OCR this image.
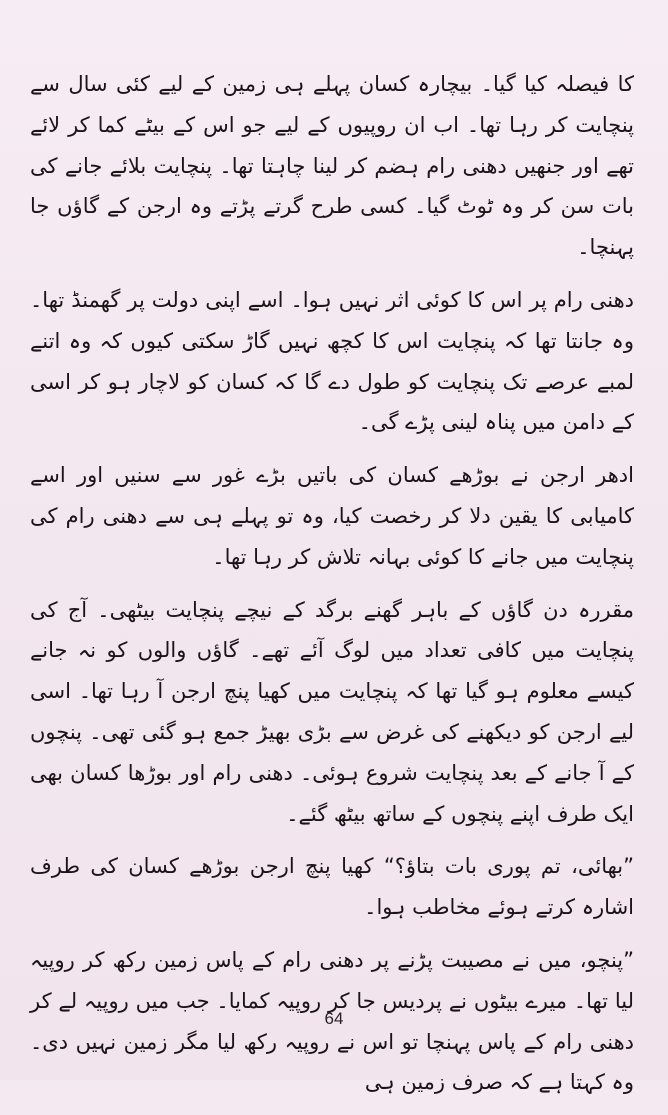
کا فیصلہ کیا گیا۔ بیچارہ کسان پہلے ہی زمین کے لیے کئی سال سے پنچایت کر رہا تھا۔ اب ان روپیوں کے لیے جو اس کے بیٹے کما کر لائے تھے اور جنھیں دھنی رام ہضم کر لینا چاہتا تھا۔ پنچایت بلائے جانے کی بات سن کر وہ ٹوٹ گیا۔ کسی طرح گرتے پڑتے وہ ارجن کے گاؤں جا پہنچا۔

دھنی رام پر اس کا کوئی اثر نہیں ہوا۔ اسے اپنی دولت پر گھمنڈ تھا۔ وہ جانتا تھا کہ پنچایت اس کا کچھ نہیں گاڑ سکتی کیوں کہ وہ اتنے لمبے عرصے تک پنچایت کو طول دے گا کہ کسان کو لاچار ہو کر اسی کے دامن میں پناہ لینی پڑے گی۔

ادھر ارجن نے بوڑھے کسان کی باتیں بڑے غور سے سنیں اور اسے کامیابی کا یقین دلا کر رخصت کیا، وہ تو پہلے ہی سے دھنی رام کی پنچایت میں جانے کا کوئی بہانہ تلاش کر رہا تھا۔

مقررہ دن گاؤں کے باہر گھنے برگد کے نیچے پنچایت بیٹھی۔ آج کی پنچایت میں کافی تعداد میں لوگ آئے تھے۔ گاؤں والوں کو نہ جانے کیسے معلوم ہو گیا تھا کہ پنچایت میں کھیا پنچ ارجن آ رہا تھا۔ اسی لیے ارجن کو دیکھنے کی غرض سے بڑی بھیڑ جمع ہو گئی تھی۔ پنچوں کے آ جانے کے بعد پنچایت شروع ہوئی۔ دھنی رام اور بوڑھا کسان بھی ایک طرف اپنے پنچوں کے ساتھ بیٹھ گئے۔

”بھائی، تم پوری بات بتاؤ؟“ کھیا پنچ ارجن بوڑھے کسان کی طرف اشارہ کرتے ہوئے مخاطب ہوا۔

”پنچو، میں نے مصیبت پڑنے پر دھنی رام کے پاس زمین رکھ کر روپیہ لیا تھا۔ میرے بیٹوں نے پردیس جا کر روپیہ کمایا۔ جب میں روپیہ لے کر دھنی رام کے پاس پہنچا تو اس نے روپیہ رکھ لیا مگر زمین نہیں دی۔ وہ کہتا ہے کہ صرف زمین ہی

64
